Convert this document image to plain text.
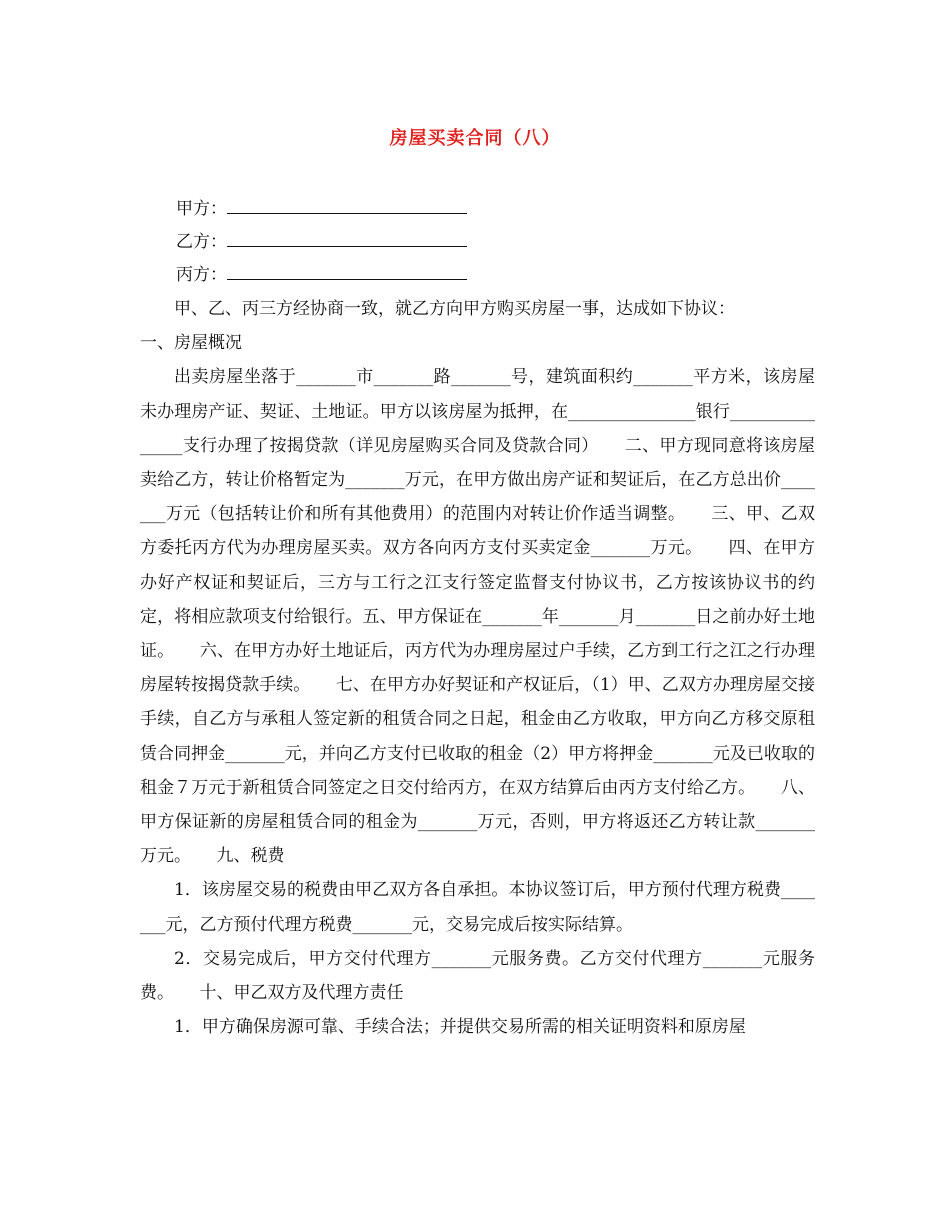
房屋买卖合同（八）
甲方：
乙方：
丙方：

甲、乙、丙三方经协商一致，就乙方向甲方购买房屋一事，达成如下协议：

一、房屋概况

出卖房屋坐落于_______市_______路_______号，建筑面积约_______平方米，该房屋未办理房产证、契证、土地证。甲方以该房屋为抵押，在_______________银行_______________支行办理了按揭贷款（详见房屋购买合同及贷款合同）　　二、甲方现同意将该房屋卖给乙方，转让价格暂定为_______万元，在甲方做出房产证和契证后，在乙方总出价_______万元（包括转让价和所有其他费用）的范围内对转让价作适当调整。　　三、甲、乙双方委托丙方代为办理房屋买卖。双方各向丙方支付买卖定金_______万元。　　四、在甲方办好产权证和契证后，三方与工行之江支行签定监督支付协议书，乙方按该协议书的约定，将相应款项支付给银行。五、甲方保证在_______年_______月_______日之前办好土地证。　　六、在甲方办好土地证后，丙方代为办理房屋过户手续，乙方到工行之江之行办理房屋转按揭贷款手续。　　七、在甲方办好契证和产权证后，（1）甲、乙双方办理房屋交接手续，自乙方与承租人签定新的租赁合同之日起，租金由乙方收取，甲方向乙方移交原租赁合同押金_______元，并向乙方支付已收取的租金（2）甲方将押金_______元及已收取的租金７万元于新租赁合同签定之日交付给丙方，在双方结算后由丙方支付给乙方。　　八、甲方保证新的房屋租赁合同的租金为_______万元，否则，甲方将返还乙方转让款_______万元。　　九、税费

1．该房屋交易的税费由甲乙双方各自承担。本协议签订后，甲方预付代理方税费_______元，乙方预付代理方税费_______元，交易完成后按实际结算。

2．交易完成后，甲方交付代理方_______元服务费。乙方交付代理方_______元服务费。　　十、甲乙双方及代理方责任

1．甲方确保房源可靠、手续合法；并提供交易所需的相关证明资料和原房屋
